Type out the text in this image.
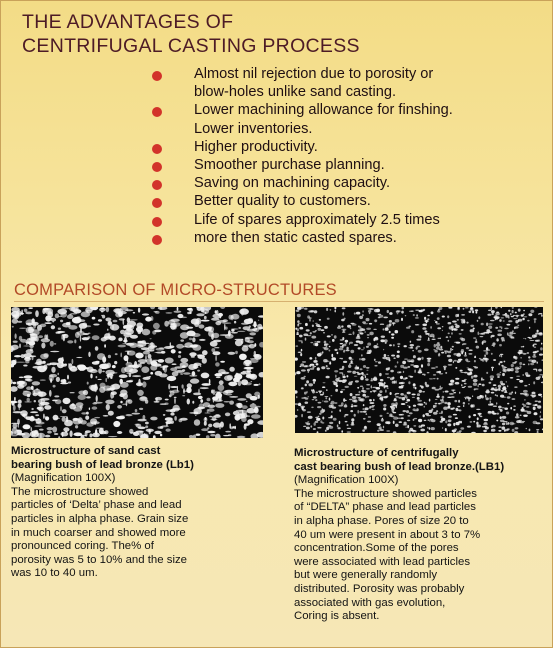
THE ADVANTAGES OF
CENTRIFUGAL CASTING PROCESS
Almost nil rejection due to porosity or
blow-holes unlike sand casting.
Lower machining allowance for finshing.
Lower inventories.
Higher productivity.
Smoother purchase planning.
Saving on machining capacity.
Better quality to customers.
Life of spares approximately 2.5 times
more then static casted spares.
COMPARISON OF MICRO-STRUCTURES

Microstructure of sand cast

bearing bush of lead bronze (Lb1)

(Magnification 100X)

The microstructure showed

particles of ‘Delta’ phase and lead

particles in alpha phase. Grain size

in much coarser and showed more

pronounced coring. The% of

porosity was 5 to 10% and the size

was 10 to 40 um.

Microstructure of centrifugally

cast bearing bush of lead bronze.(LB1)

(Magnification 100X)

The microstructure showed particles

of “DELTA” phase and lead particles

in alpha phase. Pores of size 20 to

40 um were present in about 3 to 7%

concentration.Some of the pores

were associated with lead particles

but were generally randomly

distributed. Porosity was probably

associated with gas evolution,

Coring is absent.
